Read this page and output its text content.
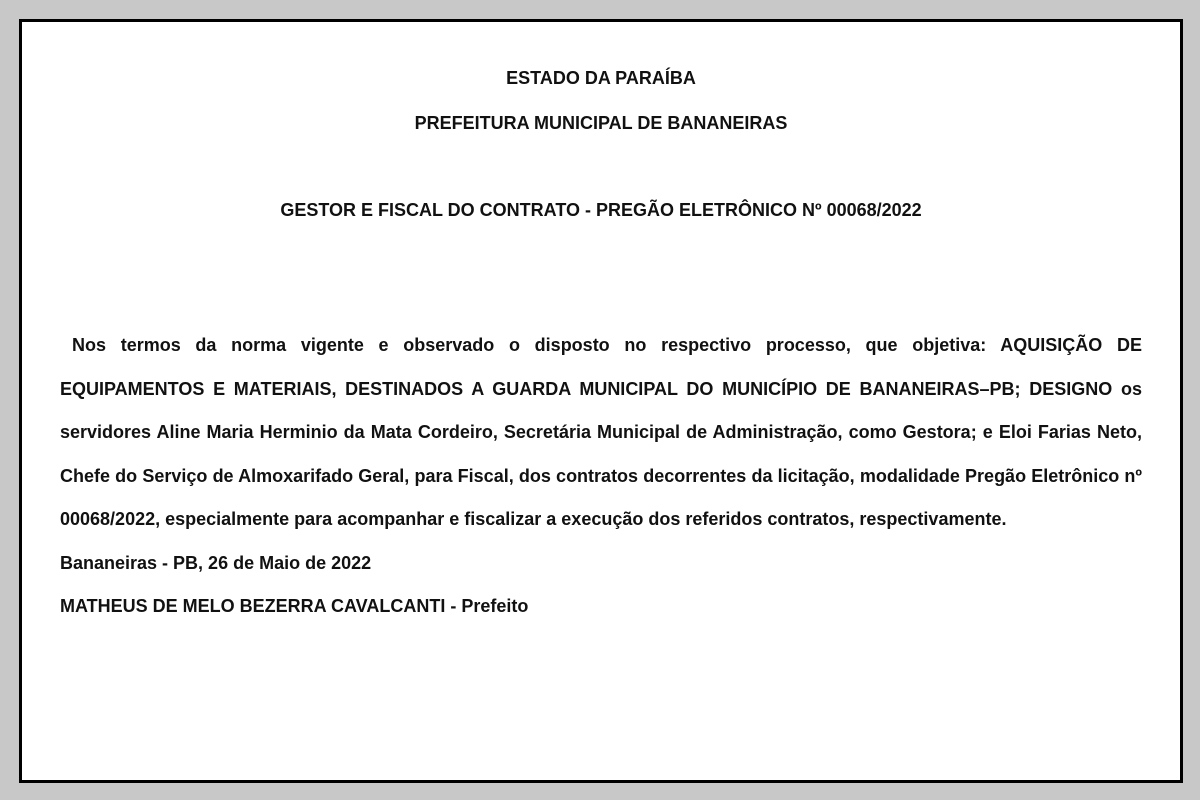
ESTADO DA PARAÍBA
PREFEITURA MUNICIPAL DE BANANEIRAS
GESTOR E FISCAL DO CONTRATO - PREGÃO ELETRÔNICO Nº 00068/2022

Nos termos da norma vigente e observado o disposto no respectivo processo, que objetiva: AQUISIÇÃO DE EQUIPAMENTOS E MATERIAIS, DESTINADOS A GUARDA MUNICIPAL DO MUNICÍPIO DE BANANEIRAS–PB; DESIGNO os servidores Aline Maria Herminio da Mata Cordeiro, Secretária Municipal de Administração, como Gestora; e Eloi Farias Neto, Chefe do Serviço de Almoxarifado Geral, para Fiscal, dos contratos decorrentes da licitação, modalidade Pregão Eletrônico nº 00068/2022, especialmente para acompanhar e fiscalizar a execução dos referidos contratos, respectivamente.

Bananeiras - PB, 26 de Maio de 2022

MATHEUS DE MELO BEZERRA CAVALCANTI - Prefeito
